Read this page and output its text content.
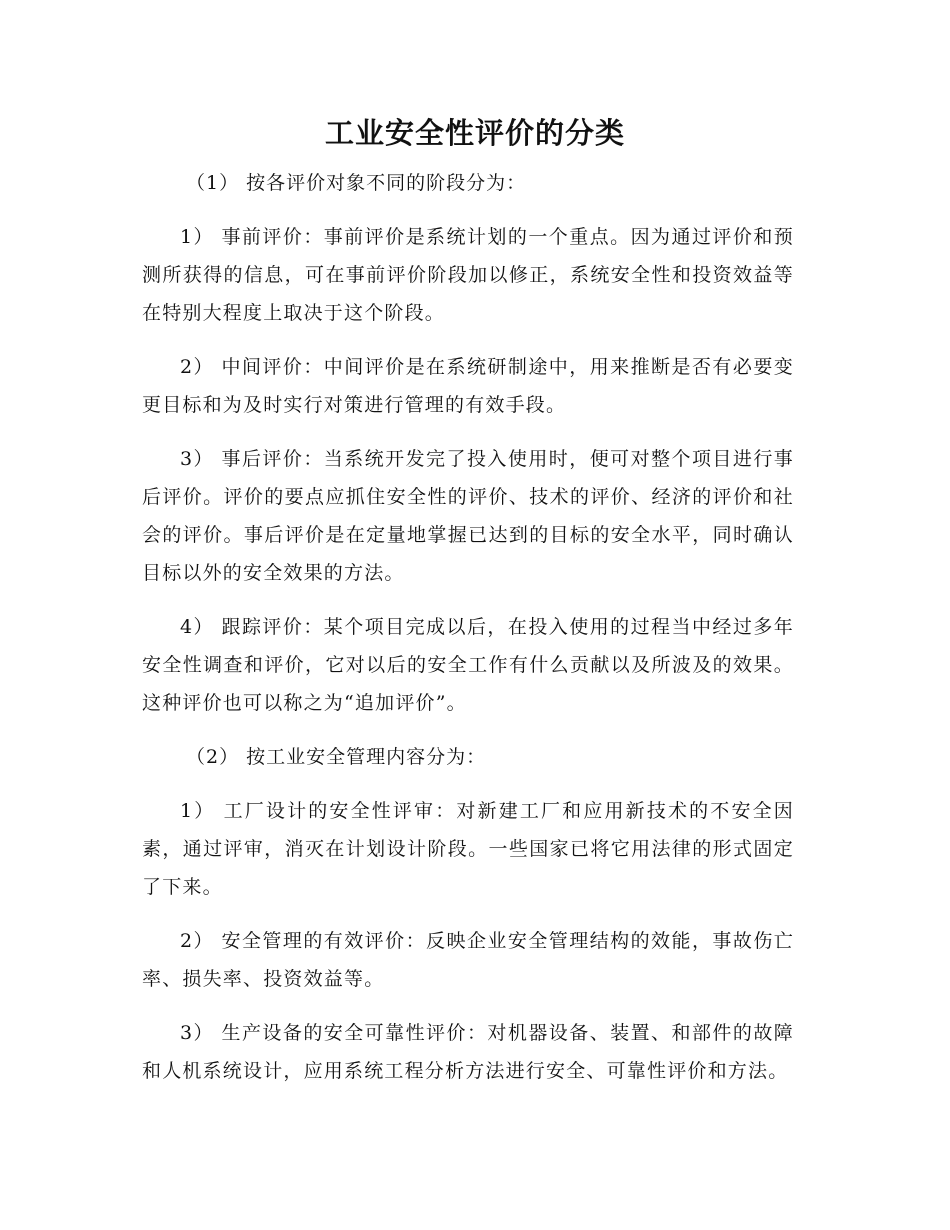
工业安全性评价的分类

（1） 按各评价对象不同的阶段分为：

1） 事前评价：事前评价是系统计划的一个重点。因为通过评价和预测所获得的信息，可在事前评价阶段加以修正，系统安全性和投资效益等在特别大程度上取决于这个阶段。

2） 中间评价：中间评价是在系统研制途中，用来推断是否有必要变更目标和为及时实行对策进行管理的有效手段。

3） 事后评价：当系统开发完了投入使用时，便可对整个项目进行事后评价。评价的要点应抓住安全性的评价、技术的评价、经济的评价和社会的评价。事后评价是在定量地掌握已达到的目标的安全水平，同时确认目标以外的安全效果的方法。

4） 跟踪评价：某个项目完成以后，在投入使用的过程当中经过多年安全性调查和评价，它对以后的安全工作有什么贡献以及所波及的效果。这种评价也可以称之为“追加评价”。

（2） 按工业安全管理内容分为：

1） 工厂设计的安全性评审：对新建工厂和应用新技术的不安全因素，通过评审，消灭在计划设计阶段。一些国家已将它用法律的形式固定了下来。

2） 安全管理的有效评价：反映企业安全管理结构的效能，事故伤亡率、损失率、投资效益等。

3） 生产设备的安全可靠性评价：对机器设备、装置、和部件的故障和人机系统设计，应用系统工程分析方法进行安全、可靠性评价和方法。
